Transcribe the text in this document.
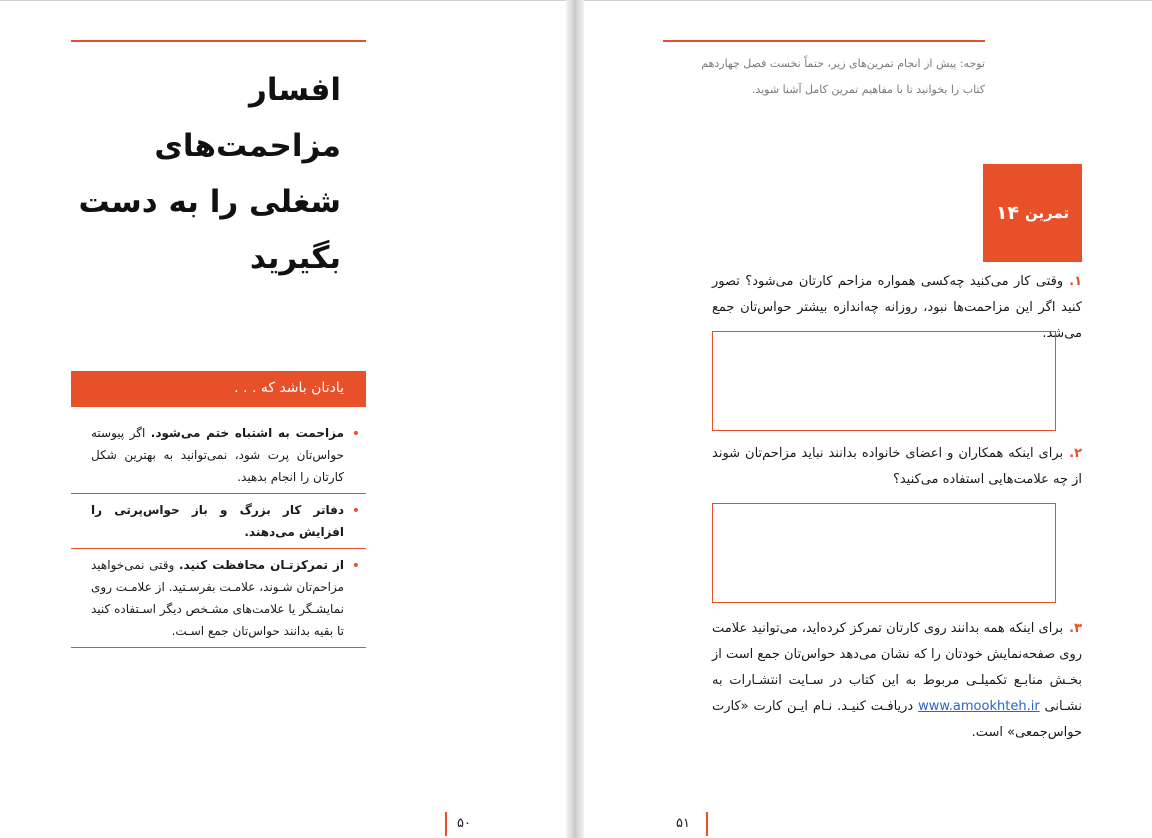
افسار مزاحمت‌های شغلی را به دست بگیرید
یادتان باشد که . . .
•
مزاحمت به اشتباه ختم می‌شود. اگر پیوسته حواس‌تان پرت شود، نمی‌توانید به بهترین شکل کارتان را انجام بدهید.
•
دفاتر کار بزرگ و باز حواس‌پرتی را افزایش می‌دهند.
•
از تمرکزتـان محافظت کنید. وقتی نمی‌خواهید مزاحم‌تان شـوند، علامـت بفرسـتید. از علامـت روی نمایشـگر یا علامت‌های مشـخص دیگر اسـتفاده کنید تا بقیه بدانند حواس‌تان جمع اسـت.
۵۰
توجه: پیش از انجام تمرین‌های زیر، حتماً نخست فصل چهاردهم کتاب را بخوانید تا با مفاهیم تمرین کامل آشنا شوید.
تمرین
۱۴
۱.وقتی کار می‌کنید چه‌کسی همواره مزاحم کارتان می‌شود؟ تصور کنید اگر این مزاحمت‌ها نبود، روزانه چه‌اندازه بیشتر حواس‌تان جمع می‌شد.
۲.برای اینکه همکاران و اعضای خانواده بدانند نباید مزاحم‌تان شوند از چه علامت‌هایی استفاده می‌کنید؟
۳.برای اینکه همه بدانند روی کارتان تمرکز کرده‌اید، می‌توانید علامت روی صفحه‌نمایش خودتان را که نشان می‌دهد حواس‌تان جمع است از بخـش منابـع تکمیلـی مربوط به این کتاب در سـایت انتشـارات به نشـانی www.amookhteh.ir دریافـت کنیـد. نـام ایـن کارت «کارت حواس‌جمعی» است.
۵۱
